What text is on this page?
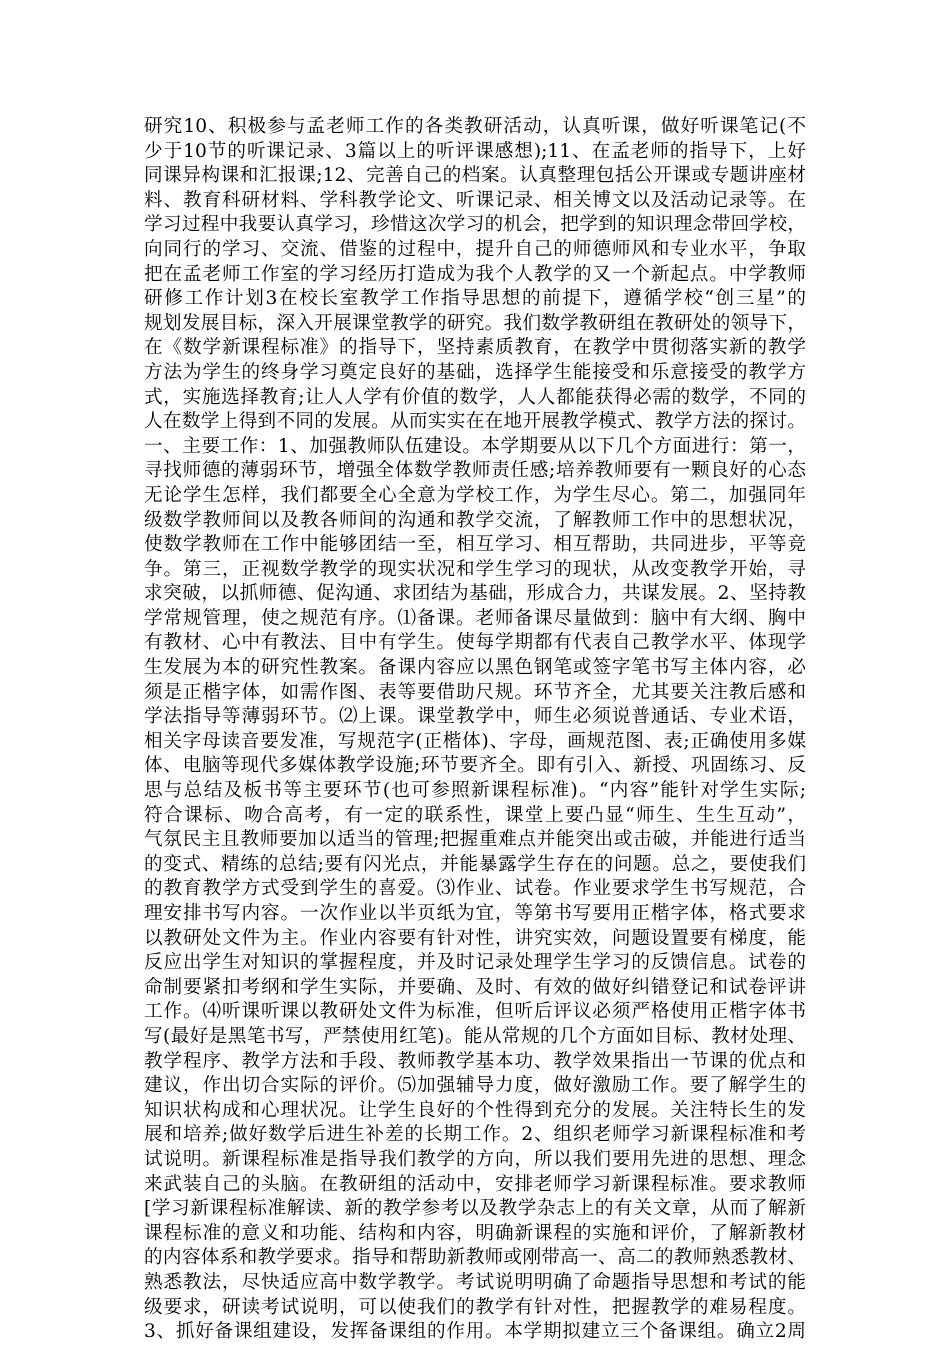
研究10、积极参与孟老师工作的各类教研活动，认真听课，做好听课笔记(不
少于10节的听课记录、3篇以上的听评课感想);11、在孟老师的指导下，上好
同课异构课和汇报课;12、完善自己的档案。认真整理包括公开课或专题讲座材
料、教育科研材料、学科教学论文、听课记录、相关博文以及活动记录等。在
学习过程中我要认真学习，珍惜这次学习的机会，把学到的知识理念带回学校，
向同行的学习、交流、借鉴的过程中，提升自己的师德师风和专业水平，争取
把在孟老师工作室的学习经历打造成为我个人教学的又一个新起点。中学教师
研修工作计划3在校长室教学工作指导思想的前提下，遵循学校“创三星”的
规划发展目标，深入开展课堂教学的研究。我们数学教研组在教研处的领导下，
在《数学新课程标准》的指导下，坚持素质教育，在教学中贯彻落实新的教学
方法为学生的终身学习奠定良好的基础，选择学生能接受和乐意接受的教学方
式，实施选择教育;让人人学有价值的数学，人人都能获得必需的数学，不同的
人在数学上得到不同的发展。从而实实在在地开展教学模式、教学方法的探讨。
一、主要工作：1、加强教师队伍建设。本学期要从以下几个方面进行：第一，
寻找师德的薄弱环节，增强全体数学教师责任感;培养教师要有一颗良好的心态
无论学生怎样，我们都要全心全意为学校工作，为学生尽心。第二，加强同年
级数学教师间以及教各师间的沟通和教学交流，了解教师工作中的思想状况，
使数学教师在工作中能够团结一至，相互学习、相互帮助，共同进步，平等竞
争。第三，正视数学教学的现实状况和学生学习的现状，从改变教学开始，寻
求突破，以抓师德、促沟通、求团结为基础，形成合力，共谋发展。2、坚持教
学常规管理，使之规范有序。⑴备课。老师备课尽量做到：脑中有大纲、胸中
有教材、心中有教法、目中有学生。使每学期都有代表自己教学水平、体现学
生发展为本的研究性教案。备课内容应以黑色钢笔或签字笔书写主体内容，必
须是正楷字体，如需作图、表等要借助尺规。环节齐全，尤其要关注教后感和
学法指导等薄弱环节。⑵上课。课堂教学中，师生必须说普通话、专业术语，
相关字母读音要发准，写规范字(正楷体)、字母，画规范图、表;正确使用多媒
体、电脑等现代多媒体教学设施;环节要齐全。即有引入、新授、巩固练习、反
思与总结及板书等主要环节(也可参照新课程标准)。“内容”能针对学生实际;
符合课标、吻合高考，有一定的联系性，课堂上要凸显“师生、生生互动”，
气氛民主且教师要加以适当的管理;把握重难点并能突出或击破，并能进行适当
的变式、精练的总结;要有闪光点，并能暴露学生存在的问题。总之，要使我们
的教育教学方式受到学生的喜爱。⑶作业、试卷。作业要求学生书写规范，合
理安排书写内容。一次作业以半页纸为宜，等第书写要用正楷字体，格式要求
以教研处文件为主。作业内容要有针对性，讲究实效，问题设置要有梯度，能
反应出学生对知识的掌握程度，并及时记录处理学生学习的反馈信息。试卷的
命制要紧扣考纲和学生实际，并要确、及时、有效的做好纠错登记和试卷评讲
工作。⑷听课听课以教研处文件为标准，但听后评议必须严格使用正楷字体书
写(最好是黑笔书写，严禁使用红笔)。能从常规的几个方面如目标、教材处理、
教学程序、教学方法和手段、教师教学基本功、教学效果指出一节课的优点和
建议，作出切合实际的评价。⑸加强辅导力度，做好激励工作。要了解学生的
知识状构成和心理状况。让学生良好的个性得到充分的发展。关注特长生的发
展和培养;做好数学后进生补差的长期工作。2、组织老师学习新课程标准和考
试说明。新课程标准是指导我们教学的方向，所以我们要用先进的思想、理念
来武装自己的头脑。在教研组的活动中，安排老师学习新课程标准。要求教师
[学习新课程标准解读、新的教学参考以及教学杂志上的有关文章，从而了解新
课程标准的意义和功能、结构和内容，明确新课程的实施和评价，了解新教材
的内容体系和教学要求。指导和帮助新教师或刚带高一、高二的教师熟悉教材、
熟悉教法，尽快适应高中数学教学。考试说明明确了命题指导思想和考试的能
级要求，研读考试说明，可以使我们的教学有针对性，把握教学的难易程度。
3、抓好备课组建设，发挥备课组的作用。本学期拟建立三个备课组。确立2周
